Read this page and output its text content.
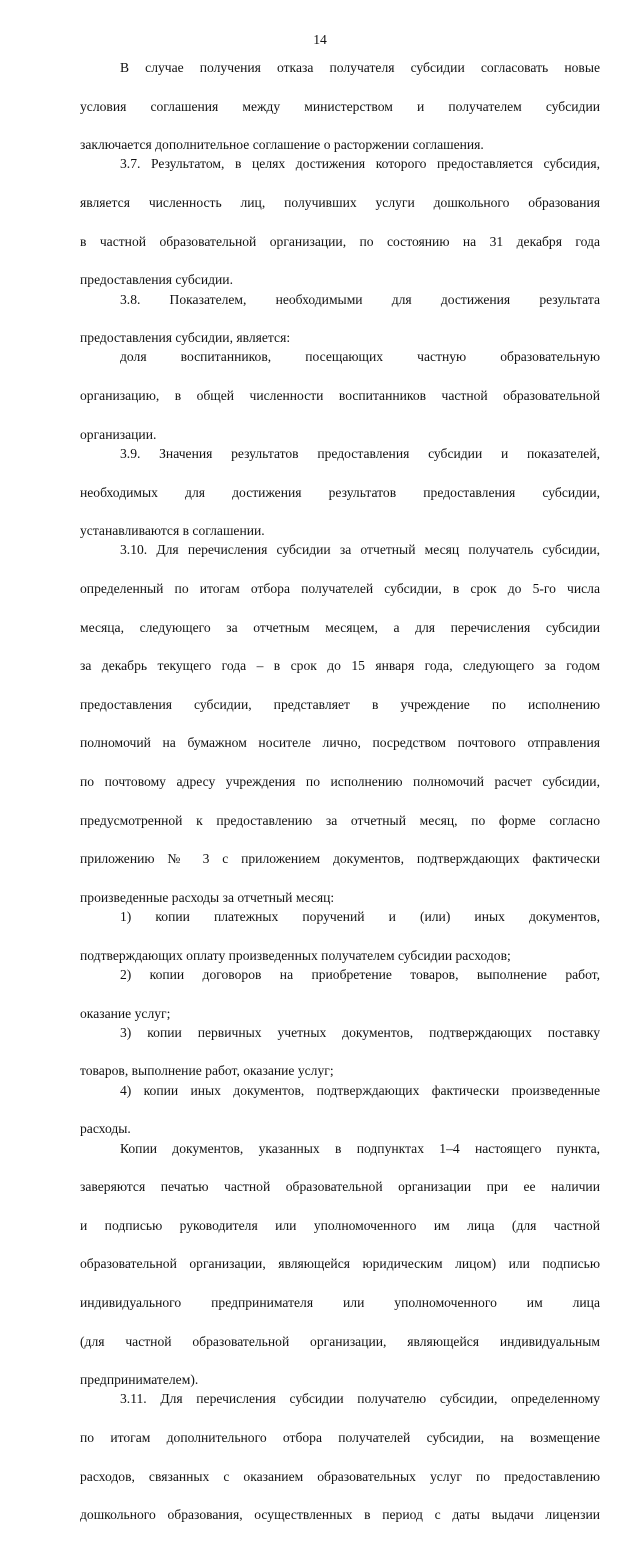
14

В случае получения отказа получателя субсидии согласовать новые

условия соглашения между министерством и получателем субсидии

заключается дополнительное соглашение о расторжении соглашения.

3.7. Результатом, в целях достижения которого предоставляется субсидия,

является численность лиц, получивших услуги дошкольного образования

в частной образовательной организации, по состоянию на 31 декабря года

предоставления субсидии.

3.8. Показателем, необходимыми для достижения результата

предоставления субсидии, является:

доля воспитанников, посещающих частную образовательную

организацию, в общей численности воспитанников частной образовательной

организации.

3.9. Значения результатов предоставления субсидии и показателей,

необходимых для достижения результатов предоставления субсидии,

устанавливаются в соглашении.

3.10. Для перечисления субсидии за отчетный месяц получатель субсидии,

определенный по итогам отбора получателей субсидии, в срок до 5-го числа

месяца, следующего за отчетным месяцем, а для перечисления субсидии

за декабрь текущего года – в срок до 15 января года, следующего за годом

предоставления субсидии, представляет в учреждение по исполнению

полномочий на бумажном носителе лично, посредством почтового отправления

по почтовому адресу учреждения по исполнению полномочий расчет субсидии,

предусмотренной к предоставлению за отчетный месяц, по форме согласно

приложению № 3 с приложением документов, подтверждающих фактически

произведенные расходы за отчетный месяц:

1) копии платежных поручений и (или) иных документов,

подтверждающих оплату произведенных получателем субсидии расходов;

2) копии договоров на приобретение товаров, выполнение работ,

оказание услуг;

3) копии первичных учетных документов, подтверждающих поставку

товаров, выполнение работ, оказание услуг;

4) копии иных документов, подтверждающих фактически произведенные

расходы.

Копии документов, указанных в подпунктах 1–4 настоящего пункта,

заверяются печатью частной образовательной организации при ее наличии

и подписью руководителя или уполномоченного им лица (для частной

образовательной организации, являющейся юридическим лицом) или подписью

индивидуального предпринимателя или уполномоченного им лица

(для частной образовательной организации, являющейся индивидуальным

предпринимателем).

3.11. Для перечисления субсидии получателю субсидии, определенному

по итогам дополнительного отбора получателей субсидии, на возмещение

расходов, связанных с оказанием образовательных услуг по предоставлению

дошкольного образования, осуществленных в период с даты выдачи лицензии
